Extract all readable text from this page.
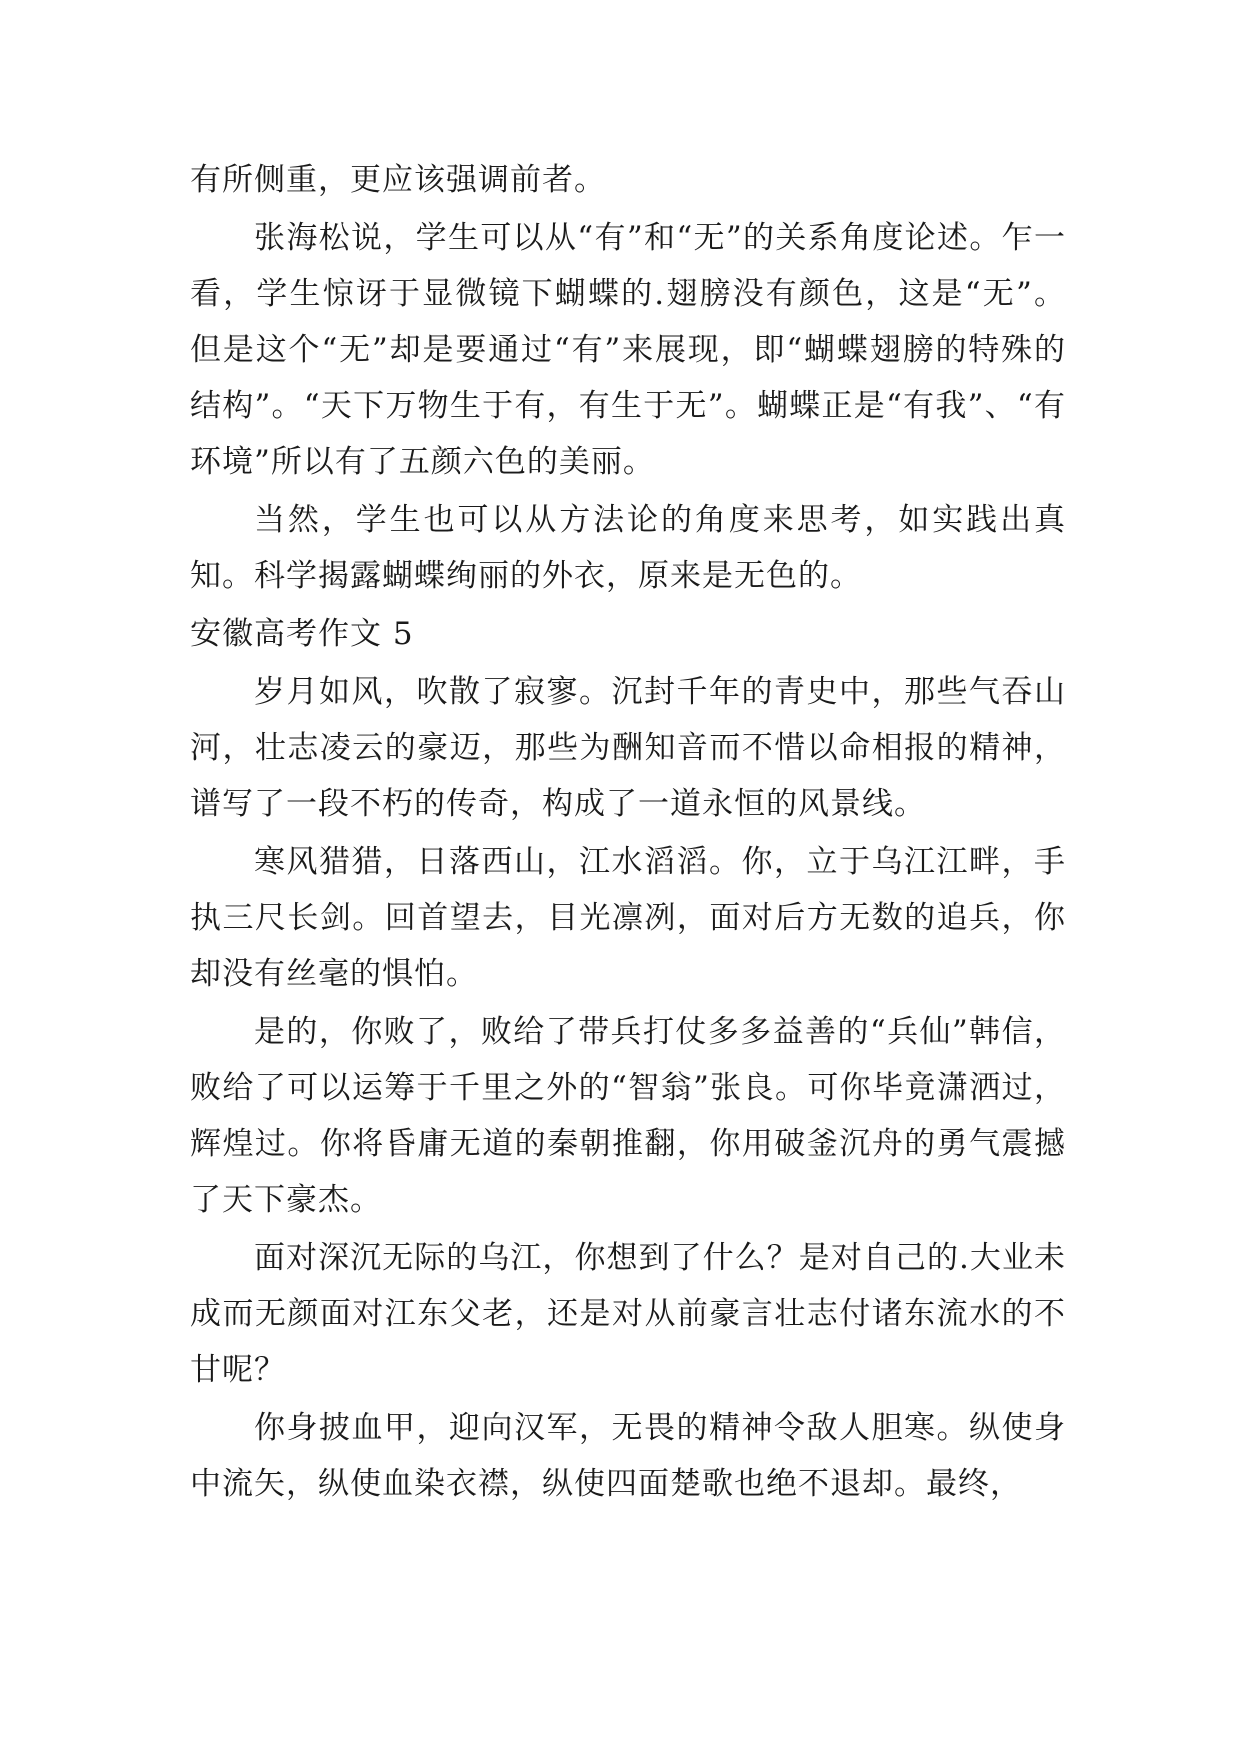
有所侧重，更应该强调前者。

张海松说，学生可以从“有”和“无”的关系角度论述。乍一看，学生惊讶于显微镜下蝴蝶的.翅膀没有颜色，这是“无”。但是这个“无”却是要通过“有”来展现，即“蝴蝶翅膀的特殊的结构”。“天下万物生于有，有生于无”。蝴蝶正是“有我”、“有环境”所以有了五颜六色的美丽。

当然，学生也可以从方法论的角度来思考，如实践出真知。科学揭露蝴蝶绚丽的外衣，原来是无色的。

安徽高考作文 5

岁月如风，吹散了寂寥。沉封千年的青史中，那些气吞山河，壮志凌云的豪迈，那些为酬知音而不惜以命相报的精神，谱写了一段不朽的传奇，构成了一道永恒的风景线。

寒风猎猎，日落西山，江水滔滔。你，立于乌江江畔，手执三尺长剑。回首望去，目光凛冽，面对后方无数的追兵，你却没有丝毫的惧怕。

是的，你败了，败给了带兵打仗多多益善的“兵仙”韩信，败给了可以运筹于千里之外的“智翁”张良。可你毕竟潇洒过，辉煌过。你将昏庸无道的秦朝推翻，你用破釜沉舟的勇气震撼了天下豪杰。

面对深沉无际的乌江，你想到了什么？是对自己的.大业未成而无颜面对江东父老，还是对从前豪言壮志付诸东流水的不甘呢？

你身披血甲，迎向汉军，无畏的精神令敌人胆寒。纵使身中流矢，纵使血染衣襟，纵使四面楚歌也绝不退却。最终，
